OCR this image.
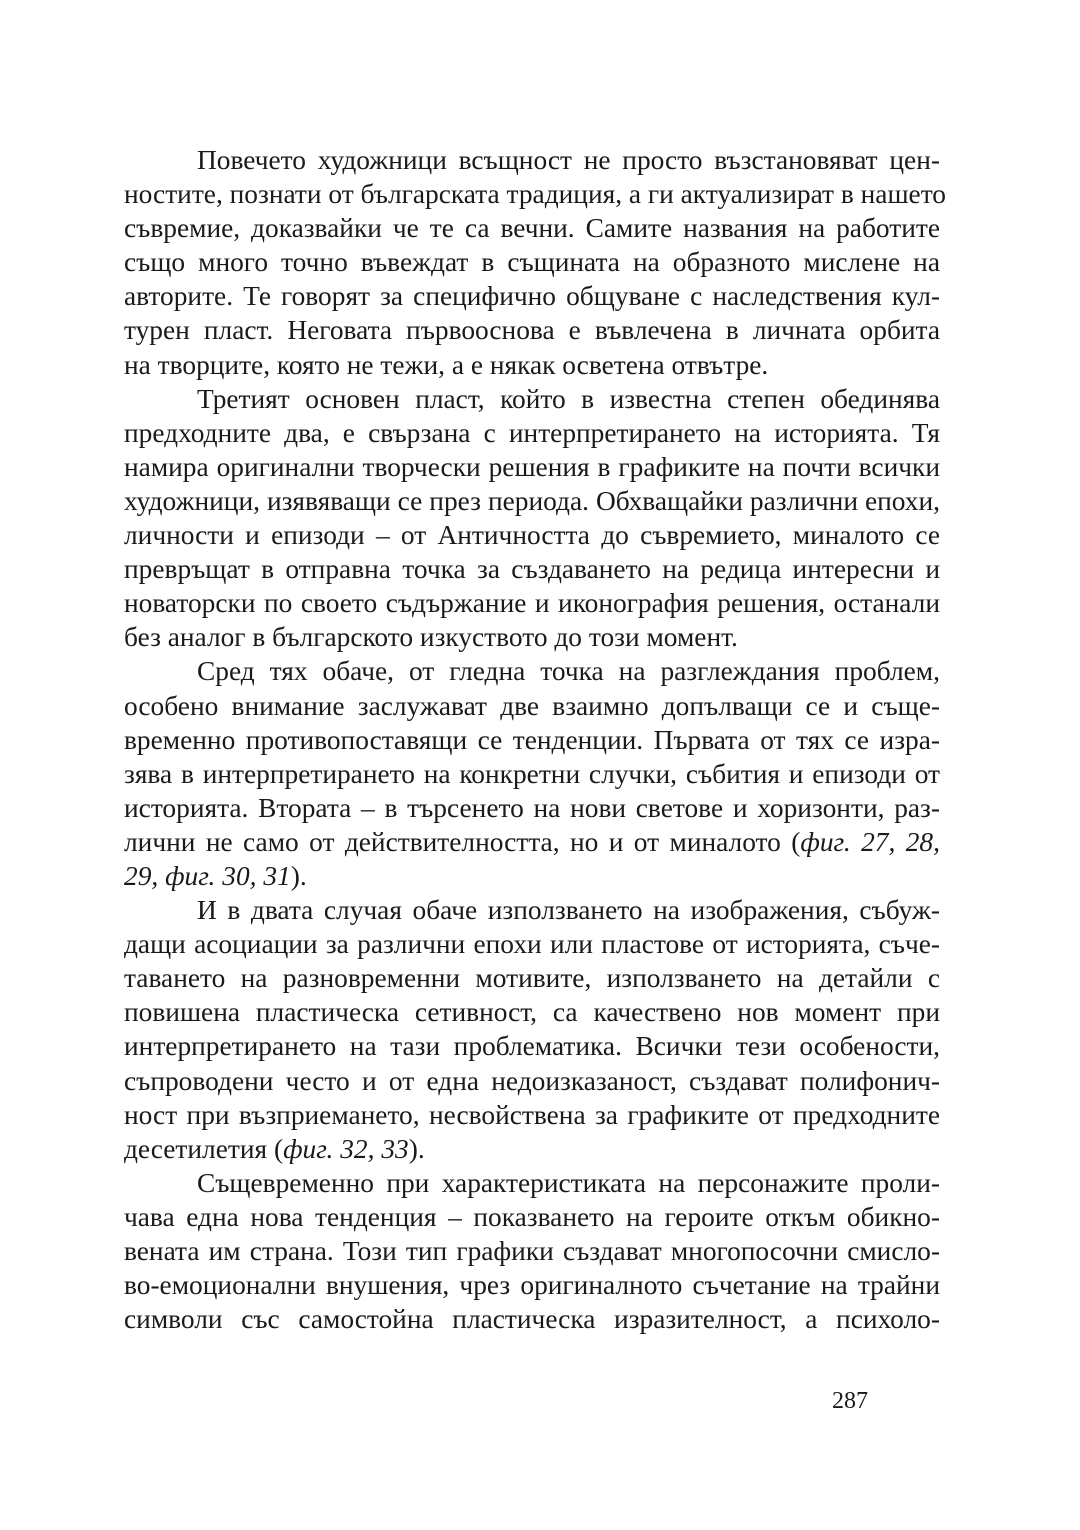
Повечето художници всъщност не просто възстановяват цен-
ностите, познати от българската традиция, а ги актуализират в нашето
съвремие, доказвайки че те са вечни. Самите названия на работите
също много точно въвеждат в същината на образното мислене на
авторите. Те говорят за специфично общуване с наследствения кул-
турен пласт. Неговата първооснова е въвлечена в личната орбита
на творците, която не тежи, а е някак осветена отвътре.
Третият основен пласт, който в известна степен обединява
предходните два, е свързана с интерпретирането на историята. Тя
намира оригинални творчески решения в графиките на почти всички
художници, изявяващи се през периода. Обхващайки различни епохи,
личности и епизоди – от Античността до съвремието, миналото се
превръщат в отправна точка за създаването на редица интересни и
новаторски по своето съдържание и иконография решения, останали
без аналог в българското изкуството до този момент.
Сред тях обаче, от гледна точка на разглеждания проблем,
особено внимание заслужават две взаимно допълващи се и съще-
временно противопоставящи се тенденции. Първата от тях се изра-
зява в интерпретирането на конкретни случки, събития и епизоди от
историята. Втората – в търсенето на нови светове и хоризонти, раз-
лични не само от действителността, но и от миналото (фиг. 27, 28,
29, фиг. 30, 31).
И в двата случая обаче използването на изображения, събуж-
дащи асоциации за различни епохи или пластове от историята, съче-
таването на разновременни мотивите, използването на детайли с
повишена пластическа сетивност, са качествено нов момент при
интерпретирането на тази проблематика. Всички тези особености,
съпроводени често и от една недоизказаност, създават полифонич-
ност при възприемането, несвойствена за графиките от предходните
десетилетия (фиг. 32, 33).
Същевременно при характеристиката на персонажите проли-
чава една нова тенденция – показването на героите откъм обикно-
вената им страна. Този тип графики създават многопосочни смисло-
во-емоционални внушения, чрез оригиналното съчетание на трайни
символи със самостойна пластическа изразителност, а психоло-
287
